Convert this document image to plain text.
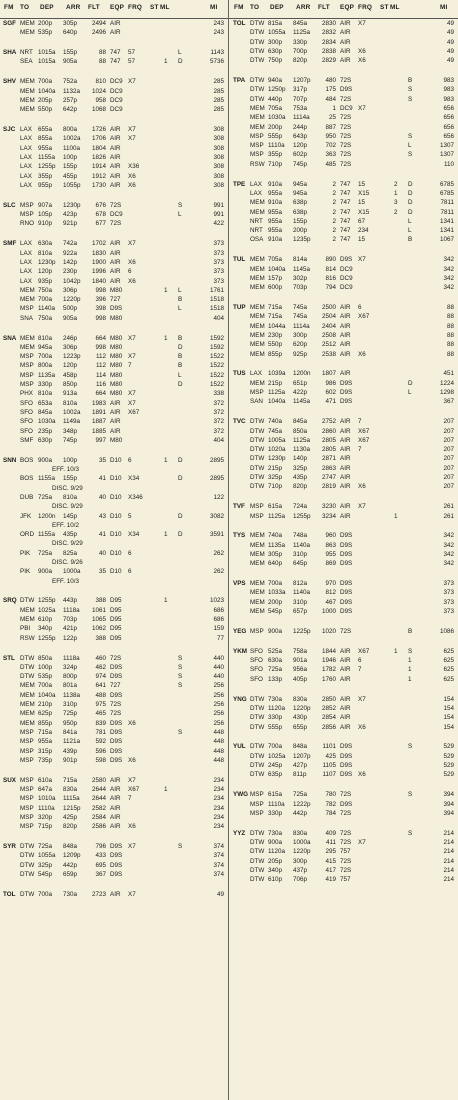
FM TO DEP ARR FLT EQP FRQ ST ML	MI	FM TO DEP ARR FLT EQP FRQ ST ML	MI
SGF MEM 200p 305p	2494 AIR	243
MEM 535p 640p	2496 AIR	243
SHA NRT 1015a 155p	88 747 57	L	1143
SEA 1015a 905a	88 747 57	1 D	5736
SHV MEM 700a 752a	810 DC9 X7	285
MEM 1040a 1132a	1024 DC9	285
MEM 205p 257p	958 DC9	285
MEM 550p 642p	1068 DC9	285
SJC LAX 655a 800a	1726 AIR X7	308
LAX 855a 1002a	1706 AIR X7	308
LAX 955a 1100a	1804 AIR	308
LAX 1155a 100p	1826 AIR	308
LAX 1255p 155p	1914 AIR X36	308
LAX 355p 455p	1912 AIR X6	308
LAX 955p 1055p	1730 AIR X6	308
SLC MSP 907a 1230p	676 72S	S	991
MSP 105p 423p	678 DC9	L	991
RNO 910p 921p	677 72S	422
SMF LAX 630a 742a	1702 AIR X7	373
LAX 810a 922a	1830 AIR	373
LAX 1230p 142p	1900 AIR X6	373
LAX 120p 230p	1996 AIR 6	373
LAX 935p 1042p	1840 AIR X6	373
MEM 750a 306p	998 M80	1 L	1761
MEM 700a 1220p	396 727	B	1518
MSP 1140a 500p	398 D9S	L	1518
SNA 750a 905a	998 M80	404
SNA MEM 810a 246p	664 M80 X7	1 B	1592
MEM 945a 306p	998 M80	D	1592
MSP 700a 1223p	112 M80 X7	B	1522
MSP 800a 120p	112 M80 7	B	1522
MSP 1135a 458p	114 M80	L	1522
MSP 330p 850p	116 M80	D	1522
PHX 810a 913a	664 M80 X7	338
SFO 653a 810a	1983 AIR X7	372
SFO 845a 1002a	1891 AIR X67	372
SFO 1030a 1149a	1887 AIR	372
SFO 235p 348p	1885 AIR	372
SMF 630p 745p	997 M80	404
SNN BOS 900a 100p	35 D10 6	1 D	2895
EFF. 10/3
BOS 1155a 155p	41 D10 X34	D	2895
DISC. 9/29
DUB 725a 810a	40 D10 X346	122
DISC. 9/29
JFK 1200n 145p	43 D10 5	D	3082
EFF. 10/2
ORD 1155a 435p	41 D10 X34	1 D	3591
DISC. 9/29
PIK 725a 825a	40 D10 6	262
DISC. 9/26
PIK 900a 1000a	35 D10 6	262
EFF. 10/3
SRQ DTW 1255p 443p	388 D95	1	1023
MEM 1025a 1118a	1061 D95	686
MEM 610p 703p	1065 D95	686
PBI 340p 421p	1062 D95	159
RSW 1255p 122p	388 D95	77
STL DTW 850a 1118a	460 72S	S	440
DTW 100p 324p	462 D9S	S	440
DTW 535p 800p	974 D9S	S	440
MEM 700a 801a	641 727	S	256
MEM 1040a 1138a	488 D9S	256
MEM 210p 310p	975 72S	256
MEM 625p 725p	465 72S	256
MEM 855p 950p	839 D9S X6	256
MSP 715a 841a	781 D9S	S	448
MSP 955a 1121a	592 D9S	448
MSP 315p 439p	596 D9S	448
MSP 735p 901p	598 D9S X6	448
SUX MSP 610a 715a	2580 AIR X7	234
MSP 647a 830a	2644 AIR X67	1	234
MSP 1010a 1115a	2644 AIR 7	234
MSP 1110a 1215p	2582 AIR	234
MSP 320p 425p	2584 AIR	234
MSP 715p 820p	2586 AIR X6	234
SYR DTW 725a 848a	796 D9S X7	S	374
DTW 1055a 1209p	433 D9S	374
DTW 325p 442p	695 D9S	374
DTW 545p 659p	367 D9S	374
TOL DTW 700a 730a	2723 AIR X7	49
TOL DTW 815a 845a	2830 AIR X7	49
DTW 1055a 1125a	2832 AIR	49
DTW 300p 330p	2834 AIR	49
DTW 630p 700p	2838 AIR X6	49
DTW 750p 820p	2829 AIR X6	49
TPA DTW 940a 1207p	480 72S	B	983
DTW 1250p 317p	175 D9S	S	983
DTW 440p 707p	484 72S	S	983
MEM 705a 753a	1 DC9 X7	656
MEM 1030a 1114a	25 72S	656
MEM 200p 244p	887 72S	656
MSP 555p 643p	950 72S	S	656
MSP 1110a 120p	702 72S	L	1307
MSP 355p 602p	363 72S	S	1307
RSW 710p 745p	485 72S	110
TPE LAX 910a 945a	2 747 15	2 D	6785
LAX 955a 945a	2 747 X15	1 D	6785
MEM 910a 638p	2 747 15	3 D	7811
MEM 955a 638p	2 747 X15	2 D	7811
NRT 955a 155p	2 747 67	L	1341
NRT 955a 200p	2 747 234	L	1341
OSA 910a 1235p	2 747 15	B	1067
TUL MEM 705a 814a	890 D9S X7	342
MEM 1040a 1145a	814 DC9	342
MEM 157p 302p	816 DC9	342
MEM 600p 703p	794 DC9	342
TUP MEM 715a 745a	2500 AIR 6	88
MEM 715a 745a	2504 AIR X67	88
MEM 1044a 1114a	2404 AIR	88
MEM 230p 300p	2508 AIR	88
MEM 550p 620p	2512 AIR	88
MEM 855p 925p	2538 AIR X6	88
TUS LAX 1039a 1200n	1807 AIR	451
MEM 215p 651p	986 D9S	D	1224
MSP 1125a 422p	602 D9S	L	1298
SAN 1040a 1145a	471 D9S	367
TVC DTW 740a 845a	2752 AIR 7	207
DTW 745a 850a	2860 AIR X67	207
DTW 1005a 1125a	2805 AIR X67	207
DTW 1020a 1130a	2805 AIR 7	207
DTW 1230p 140p	2871 AIR	207
DTW 215p 325p	2863 AIR	207
DTW 325p 435p	2747 AIR	207
DTW 710p 820p	2819 AIR X6	207
TVF MSP 615a 724a	3230 AIR X7	261
MSP 1125a 1255p	3234 AIR	1	261
TYS MEM 740a 748a	960 D9S	342
MEM 1135a 1140a	863 D9S	342
MEM 305p 310p	955 D9S	342
MEM 640p 645p	869 D9S	342
VPS MEM 700a 812a	970 D9S	373
MEM 1033a 1140a	812 D9S	373
MEM 200p 310p	467 D9S	373
MEM 545p 657p	1000 D9S	373
YEG MSP 900a 1225p	1020 72S	B	1086
YKM SFO 525a 758a	1844 AIR X67	1 S	625
SFO 630a 901a	1946 AIR 6	1	625
SFO 725a 956a	1782 AIR 7	1	625
SFO 133p 405p	1760 AIR	1	625
YNG DTW 730a 830a	2850 AIR X7	154
DTW 1120a 1220p	2852 AIR	154
DTW 330p 430p	2854 AIR	154
DTW 555p 655p	2856 AIR X6	154
YUL DTW 700a 848a	1101 D9S	S	529
DTW 1025a 1207p	425 D9S	529
DTW 245p 427p	1105 D9S	529
DTW 635p 811p	1107 D9S X6	529
YWG MSP 615a 725a	780 72S	S	394
MSP 1110a 1222p	782 D9S	394
MSP 330p 442p	784 72S	394
YYZ DTW 730a 830a	409 72S	S	214
DTW 900a 1000a	411 72S X7	214
DTW 1120a 1220p	295 757	214
DTW 205p 300p	415 72S	214
DTW 340p 437p	417 72S	214
DTW 610p 706p	419 757	214
